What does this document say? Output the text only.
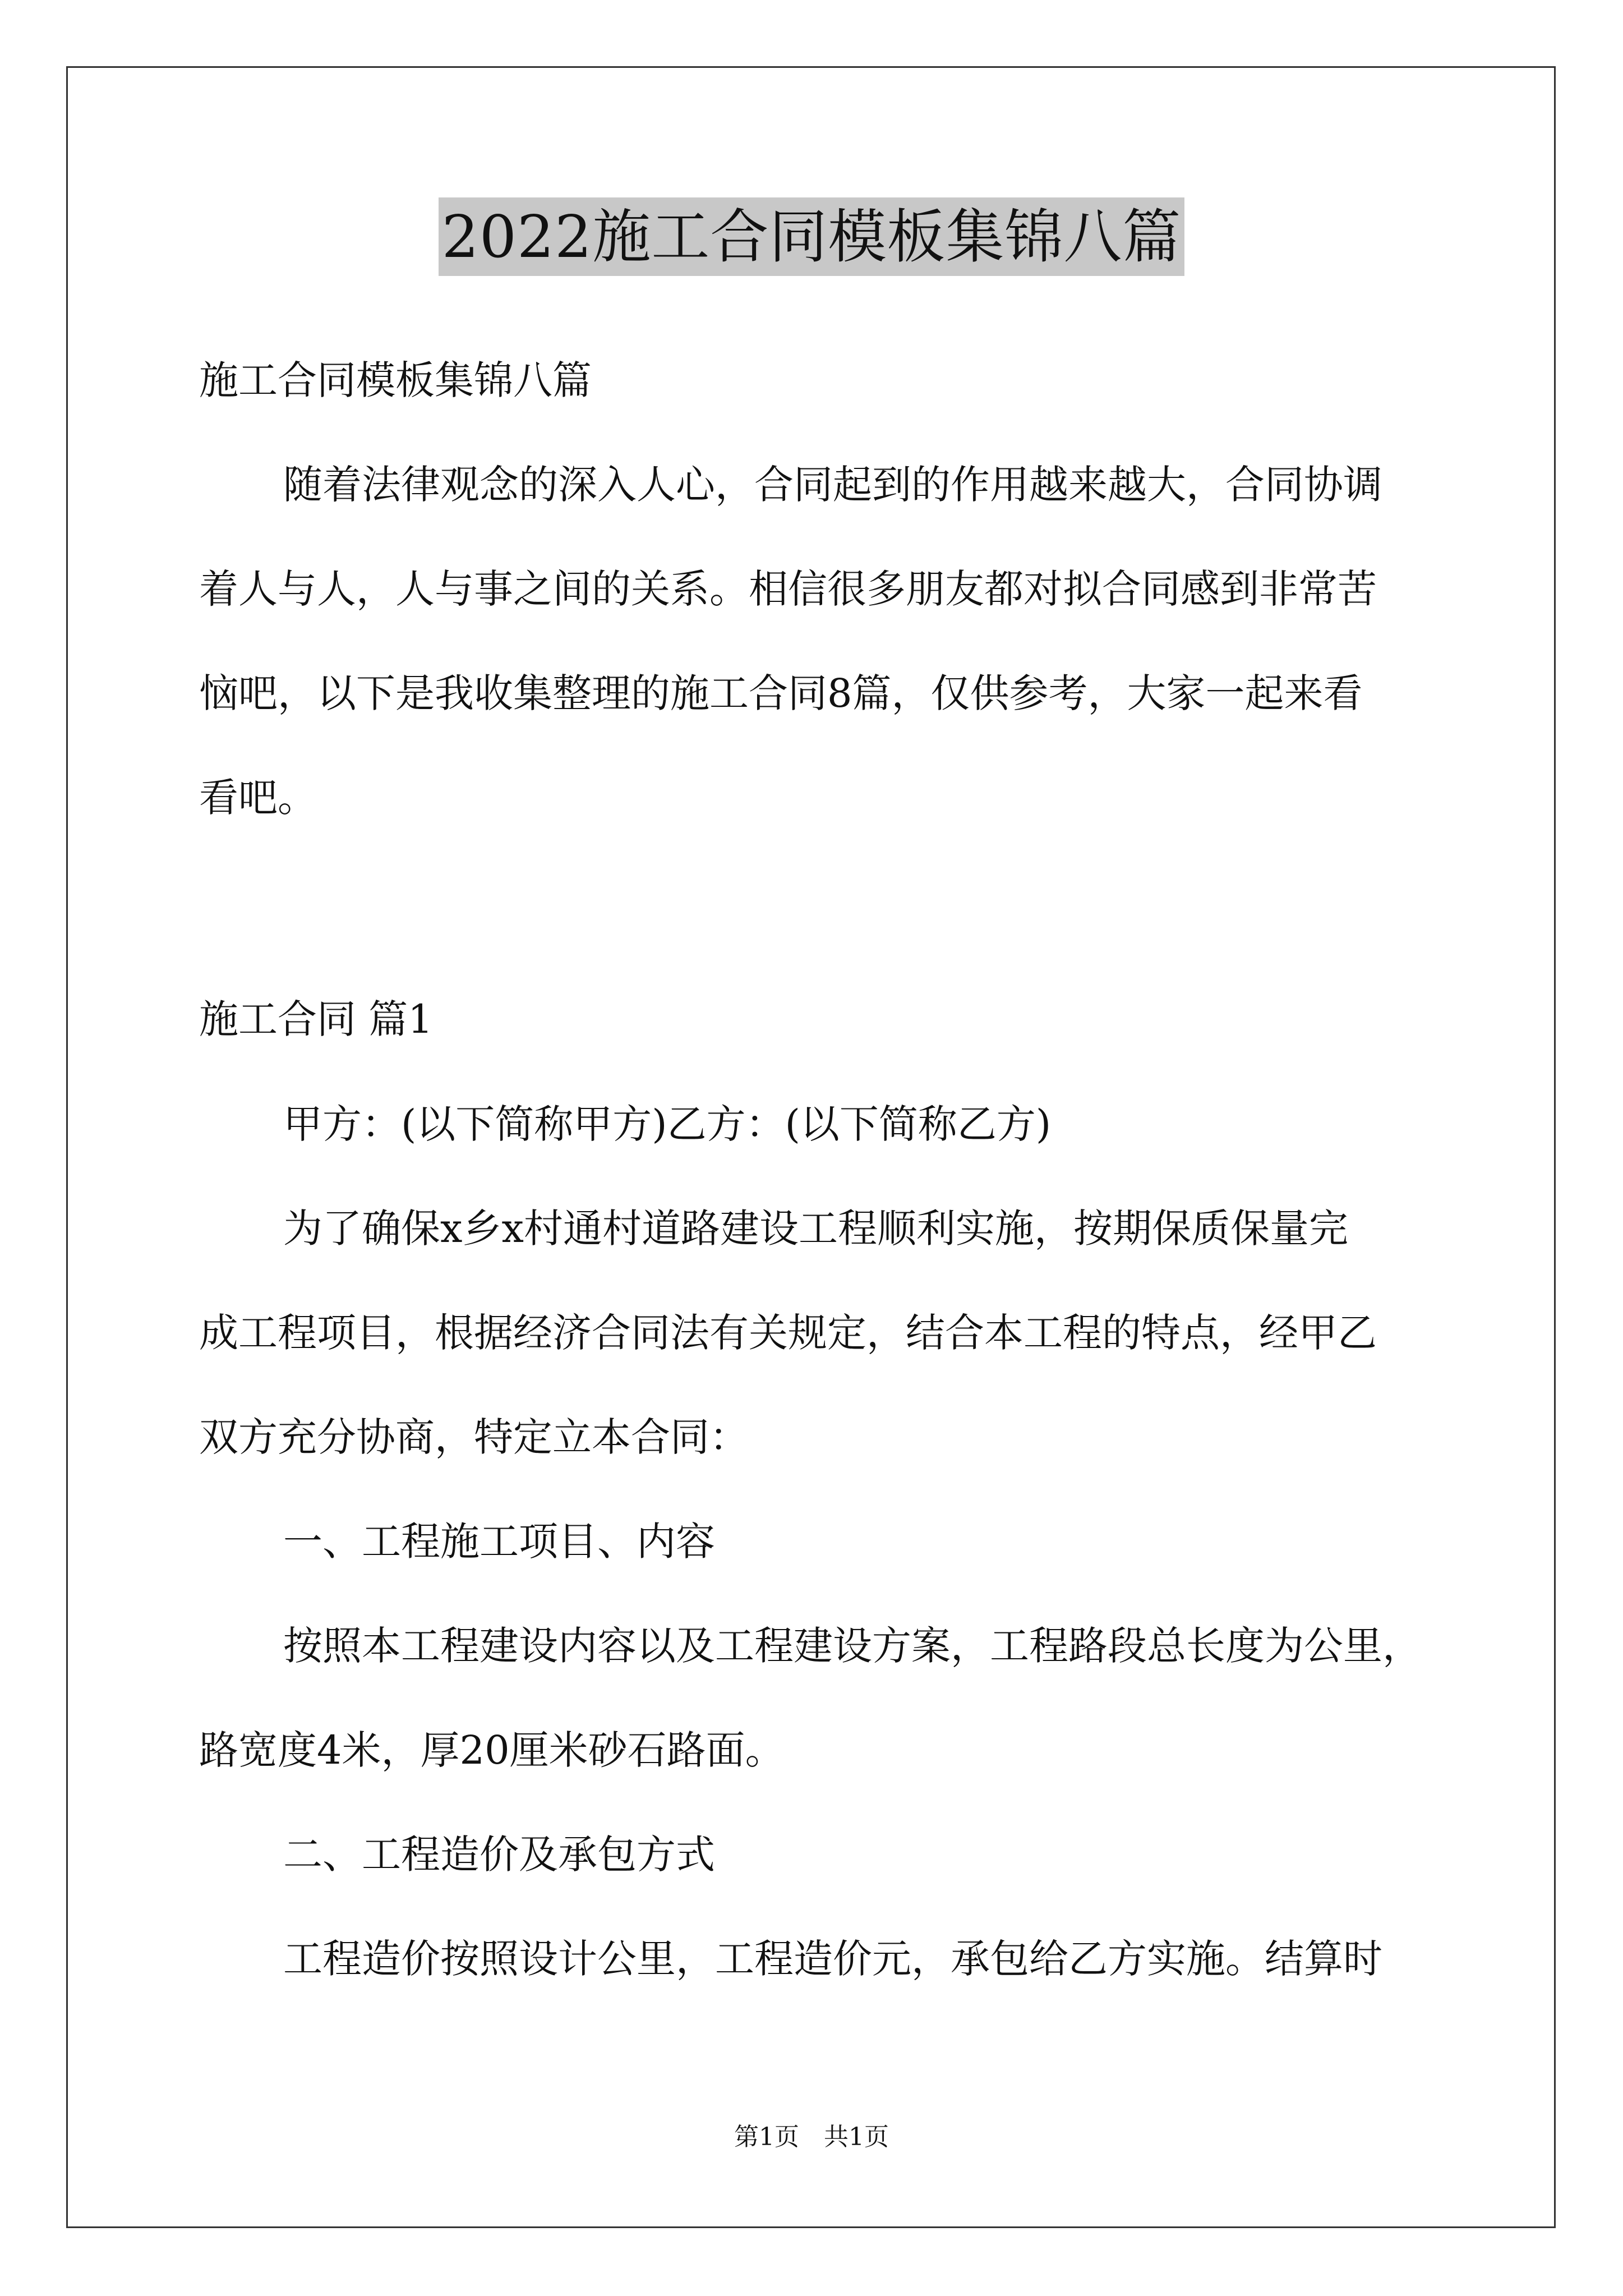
2022施工合同模板集锦八篇

施工合同模板集锦八篇

随着法律观念的深入人心，合同起到的作用越来越大，合同协调

着人与人，人与事之间的关系。相信很多朋友都对拟合同感到非常苦

恼吧，以下是我收集整理的施工合同8篇，仅供参考，大家一起来看

看吧。

施工合同 篇1

甲方：(以下简称甲方)乙方：(以下简称乙方)

为了确保x乡x村通村道路建设工程顺利实施，按期保质保量完

成工程项目，根据经济合同法有关规定，结合本工程的特点，经甲乙

双方充分协商，特定立本合同：

一、工程施工项目、内容

按照本工程建设内容以及工程建设方案，工程路段总长度为公里，

路宽度4米，厚20厘米砂石路面。

二、工程造价及承包方式

工程造价按照设计公里，工程造价元，承包给乙方实施。结算时

第1页 共1页
